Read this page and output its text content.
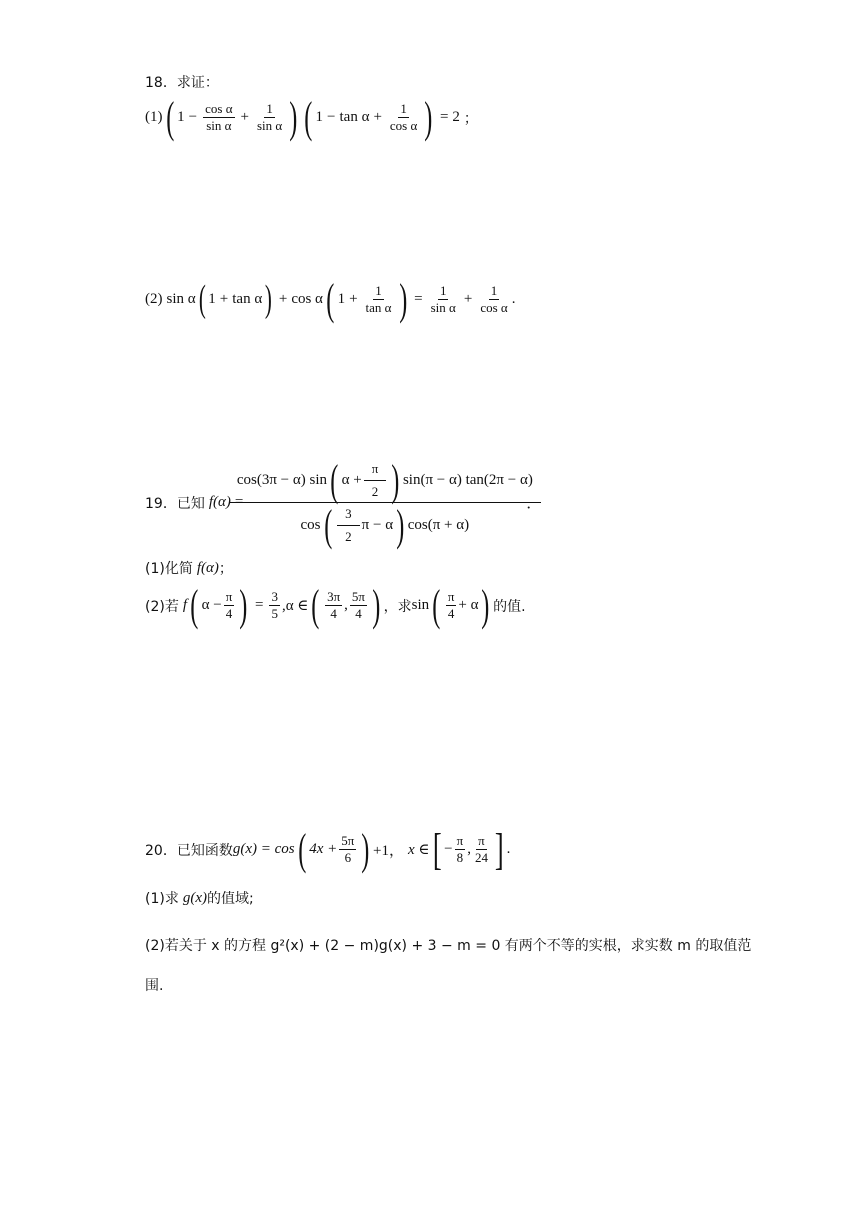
18．求证：
(1) ( $1 - \frac{\text{cos α}}{\text{sin α}} + \frac{1}{\text{sin α}}$ ) ( $1 - \tan \alpha + \frac{1}{\text{cos α}}$ ) = 2 ；
(2) sin α ( 1 + tan α ) + cos α ( $1 + \frac{1}{\text{tan α}}$ ) = $\frac{1}{\text{sin α}} + \frac{1}{\text{cos α}}$ .
19．已知 f(α) =
cos(3π − α) sin ( $\alpha + \frac{\pi}{2}$ ) sin(π − α) tan(2π − α)
cos ( $\frac{3}{2}$ π − α ) cos(π + α)
．
(1)化简 f(α) ；
(2)若 f ( $\alpha - \frac{\pi}{4}$ ) = $\frac{3}{5} ,\alpha$ ∈ ( $\frac{3\pi}{4}$ , $\frac{5\pi}{4}$ ) ，求 sin ( $\frac{\pi}{4} + \alpha$ ) 的值.
20．已知函数 g(x) = cos ( $4x + \frac{5\pi}{6}$ ) +1， x ∈ [ − $\frac{\pi}{8}$ , $\frac{\pi}{24}$ ] .
(1)求 g(x) 的值域;
(2)若关于 x 的方程 g²(x) + (2 − m)g(x) + 3 − m = 0 有两个不等的实根，求实数 m 的取值范
围.
